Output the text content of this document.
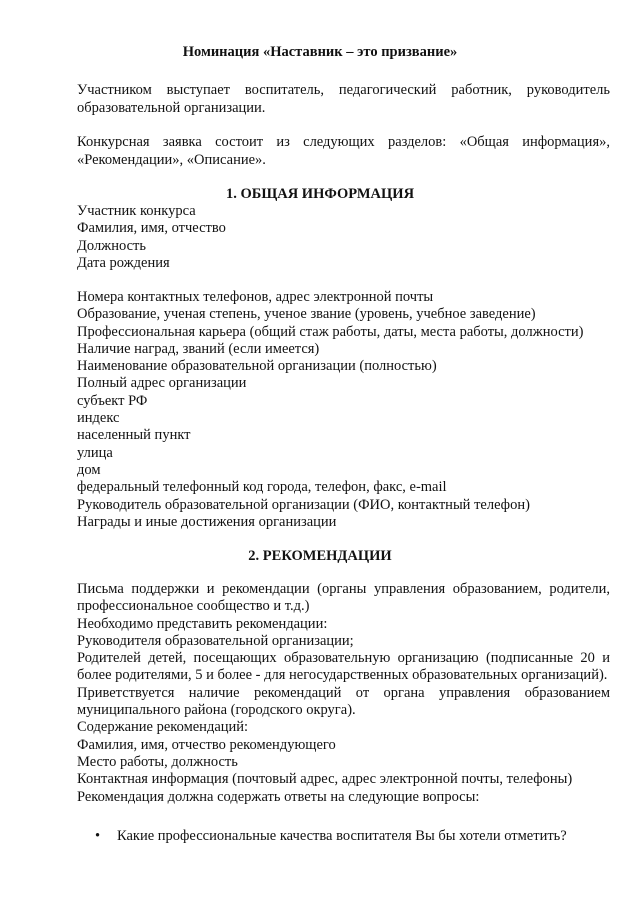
Номинация «Наставник – это призвание»
Участником выступает воспитатель, педагогический работник, руководитель образовательной организации.
Конкурсная заявка состоит из следующих разделов: «Общая информация», «Рекомендации», «Описание».
1. ОБЩАЯ ИНФОРМАЦИЯ
Участник конкурса
Фамилия, имя, отчество
Должность
Дата рождения
Номера контактных телефонов, адрес электронной почты
Образование, ученая степень, ученое звание (уровень, учебное заведение)
Профессиональная карьера (общий стаж работы, даты, места работы, должности)
Наличие наград, званий (если имеется)
Наименование образовательной организации (полностью)
Полный адрес организации
субъект РФ
индекс
населенный пункт
улица
дом
федеральный телефонный код города, телефон, факс, e-mail
Руководитель образовательной организации (ФИО, контактный телефон)
Награды и иные достижения организации
2. РЕКОМЕНДАЦИИ
Письма поддержки и рекомендации (органы управления образованием, родители, профессиональное сообщество и т.д.)
Необходимо представить рекомендации:
Руководителя образовательной организации;
Родителей детей, посещающих образовательную организацию (подписанные 20 и более родителями, 5 и более - для негосударственных образовательных организаций).
Приветствуется наличие рекомендаций от органа управления образованием муниципального района (городского округа).
Содержание рекомендаций:
Фамилия, имя, отчество рекомендующего
Место работы, должность
Контактная информация (почтовый адрес, адрес электронной почты, телефоны)
Рекомендация должна содержать ответы на следующие вопросы:
• Какие профессиональные качества воспитателя Вы бы хотели отметить?
